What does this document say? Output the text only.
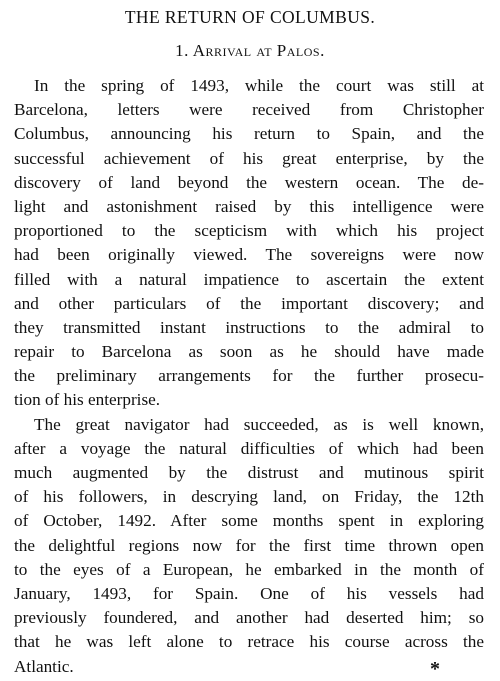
THE RETURN OF COLUMBUS.
1. Arrival at Palos.
In the spring of 1493, while the court was still at
Barcelona, letters were received from Christopher
Columbus, announcing his return to Spain, and the
successful achievement of his great enterprise, by the
discovery of land beyond the western ocean. The de-
light and astonishment raised by this intelligence were
proportioned to the scepticism with which his project
had been originally viewed. The sovereigns were now
filled with a natural impatience to ascertain the extent
and other particulars of the important discovery; and
they transmitted instant instructions to the admiral to
repair to Barcelona as soon as he should have made
the preliminary arrangements for the further prosecu-
tion of his enterprise.
The great navigator had succeeded, as is well known,
after a voyage the natural difficulties of which had been
much augmented by the distrust and mutinous spirit
of his followers, in descrying land, on Friday, the 12th
of October, 1492. After some months spent in exploring
the delightful regions now for the first time thrown open
to the eyes of a European, he embarked in the month of
January, 1493, for Spain. One of his vessels had
previously foundered, and another had deserted him; so
that he was left alone to retrace his course across the
Atlantic.	*
